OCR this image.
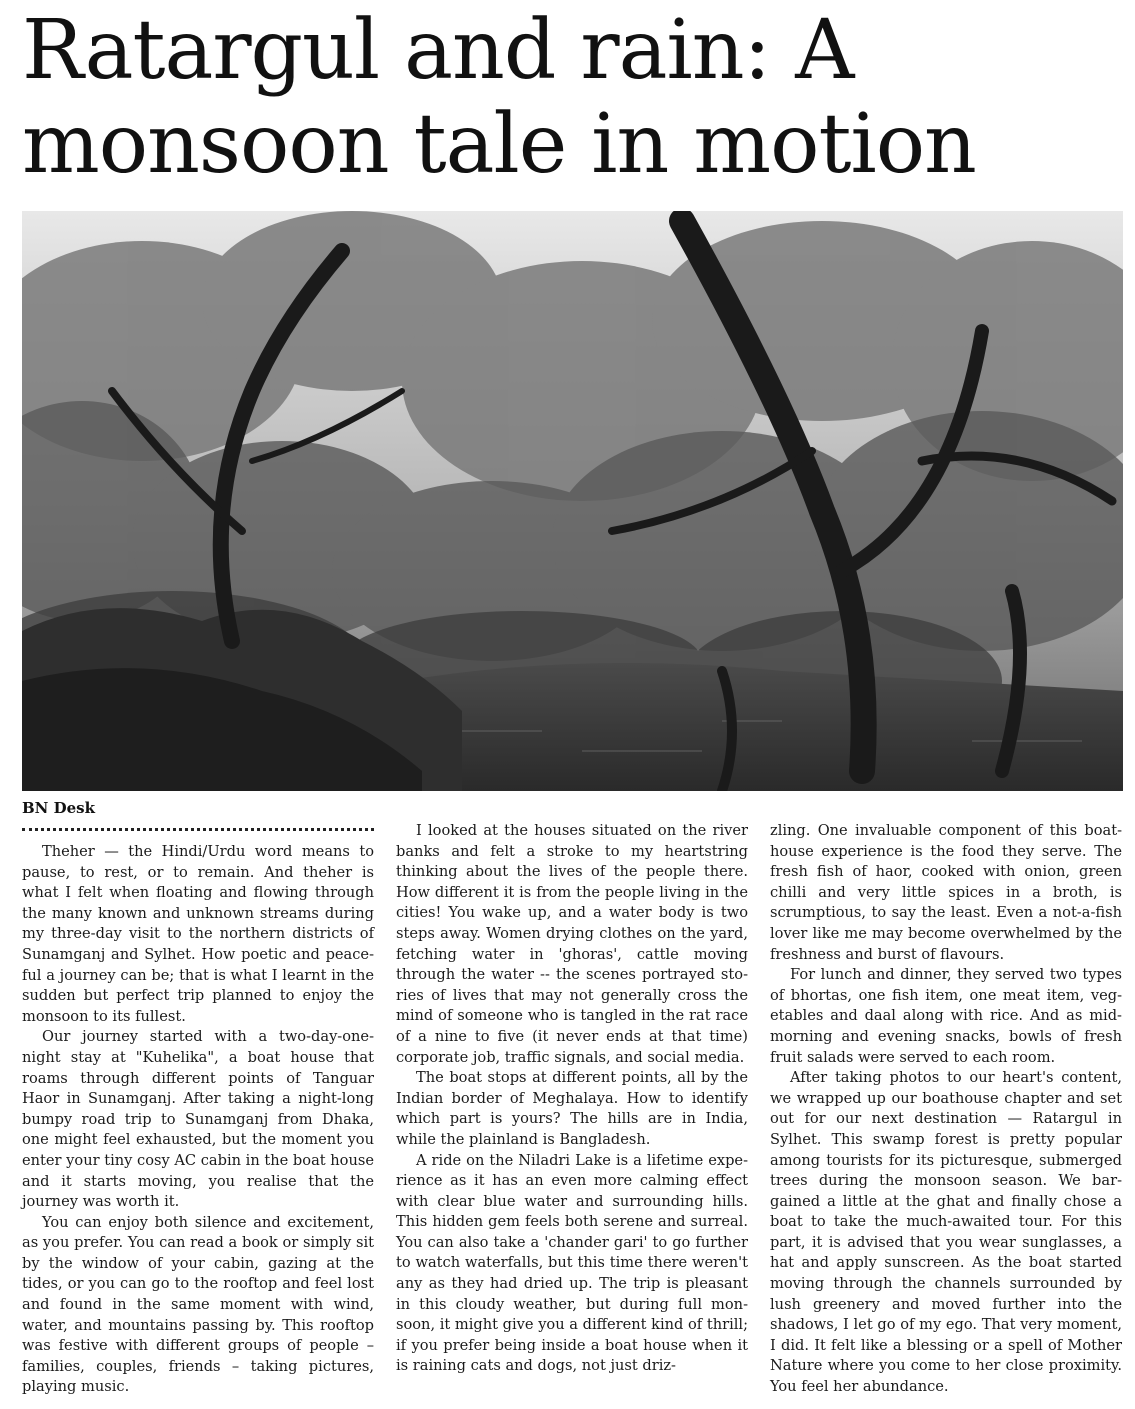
Ratargul and rain: A monsoon tale in motion
BN Desk

Theher — the Hindi/Urdu word means to pause, to rest, or to remain. And theher is what I felt when floating and flowing through the many known and unknown streams during my three-day visit to the northern districts of Sunamganj and Sylhet. How poetic and peaceful a journey can be; that is what I learnt in the sudden but perfect trip planned to enjoy the monsoon to its fullest.

Our journey started with a two-day-one-night stay at "Kuhelika", a boat house that roams through different points of Tanguar Haor in Sunamganj. After taking a night-long bumpy road trip to Sunamganj from Dhaka, one might feel exhausted, but the moment you enter your tiny cosy AC cabin in the boat house and it starts moving, you realise that the journey was worth it.

You can enjoy both silence and excitement, as you prefer. You can read a book or simply sit by the window of your cabin, gazing at the tides, or you can go to the rooftop and feel lost and found in the same moment with wind, water, and mountains passing by. This rooftop was festive with different groups of people – families, couples, friends – taking pictures, playing music.

I looked at the houses situated on the river banks and felt a stroke to my heartstring thinking about the lives of the people there. How different it is from the people living in the cities! You wake up, and a water body is two steps away. Women drying clothes on the yard, fetching water in 'ghoras', cattle moving through the water -- the scenes portrayed stories of lives that may not generally cross the mind of someone who is tangled in the rat race of a nine to five (it never ends at that time) corporate job, traffic signals, and social media.

The boat stops at different points, all by the Indian border of Meghalaya. How to identify which part is yours? The hills are in India, while the plainland is Bangladesh.

A ride on the Niladri Lake is a lifetime experience as it has an even more calming effect with clear blue water and surrounding hills. This hidden gem feels both serene and surreal. You can also take a 'chander gari' to go further to watch waterfalls, but this time there weren't any as they had dried up. The trip is pleasant in this cloudy weather, but during full monsoon, it might give you a different kind of thrill; if you prefer being inside a boat house when it is raining cats and dogs, not just driz-

zling. One invaluable component of this boat-house experience is the food they serve. The fresh fish of haor, cooked with onion, green chilli and very little spices in a broth, is scrumptious, to say the least. Even a not-a-fish lover like me may become overwhelmed by the freshness and burst of flavours.

For lunch and dinner, they served two types of bhortas, one fish item, one meat item, vegetables and daal along with rice. And as mid-morning and evening snacks, bowls of fresh fruit salads were served to each room.

After taking photos to our heart's content, we wrapped up our boathouse chapter and set out for our next destination — Ratargul in Sylhet. This swamp forest is pretty popular among tourists for its picturesque, submerged trees during the monsoon season. We bargained a little at the ghat and finally chose a boat to take the much-awaited tour. For this part, it is advised that you wear sunglasses, a hat and apply sunscreen. As the boat started moving through the channels surrounded by lush greenery and moved further into the shadows, I let go of my ego. That very moment, I did. It felt like a blessing or a spell of Mother Nature where you come to her close proximity. You feel her abundance.
